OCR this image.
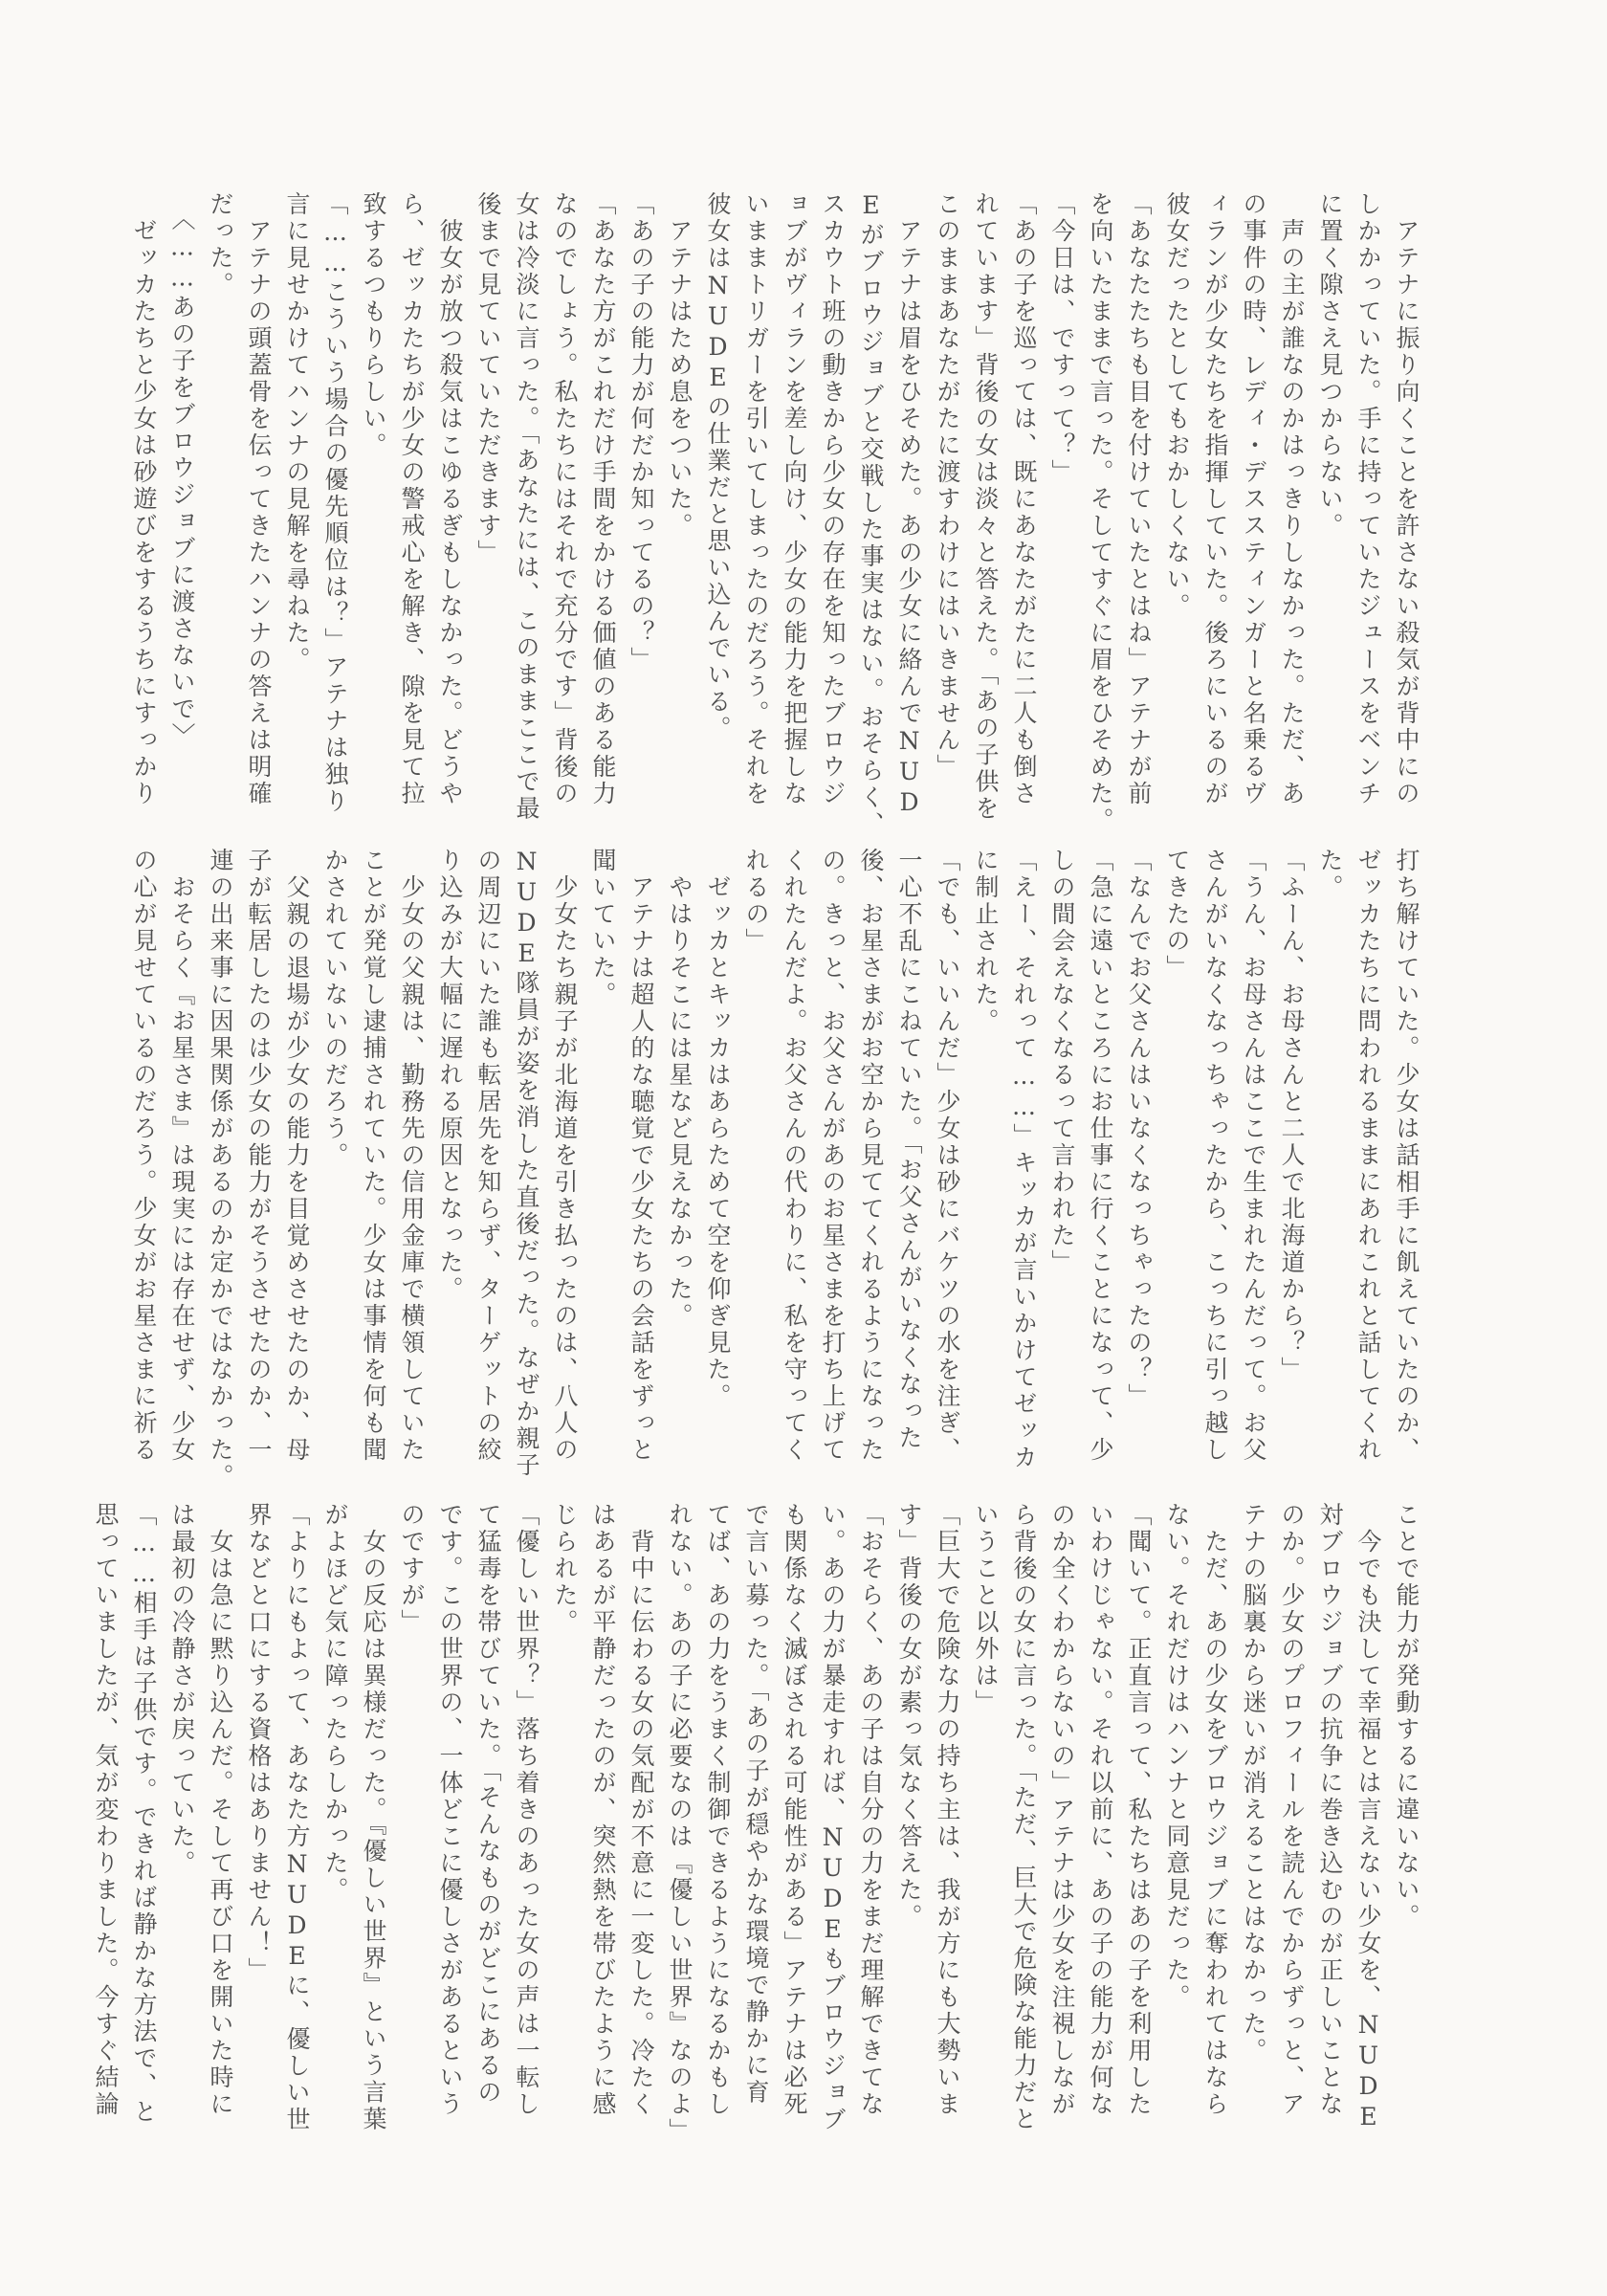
　アテナに振り向くことを許さない殺気が背中にの
しかかっていた。手に持っていたジュースをベンチ
に置く隙さえ見つからない。
　声の主が誰なのかはっきりしなかった。ただ、あ
の事件の時、レディ・デススティンガーと名乗るヴ
ィランが少女たちを指揮していた。後ろにいるのが
彼女だったとしてもおかしくない。
「あなたたちも目を付けていたとはね」アテナが前
を向いたままで言った。そしてすぐに眉をひそめた。
「今日は、ですって？」
「あの子を巡っては、既にあなたがたに二人も倒さ
れています」背後の女は淡々と答えた。「あの子供を
このままあなたがたに渡すわけにはいきません」
　アテナは眉をひそめた。あの少女に絡んでNUD
Eがブロウジョブと交戦した事実はない。おそらく、
スカウト班の動きから少女の存在を知ったブロウジ
ョブがヴィランを差し向け、少女の能力を把握しな
いままトリガーを引いてしまったのだろう。それを
彼女はNUDEの仕業だと思い込んでいる。
　アテナはため息をついた。
「あの子の能力が何だか知ってるの？」
「あなた方がこれだけ手間をかける価値のある能力
なのでしょう。私たちにはそれで充分です」背後の
女は冷淡に言った。「あなたには、このままここで最
後まで見ていていただきます」
　彼女が放つ殺気はこゆるぎもしなかった。どうや
ら、ゼッカたちが少女の警戒心を解き、隙を見て拉
致するつもりらしい。
「……こういう場合の優先順位は？」アテナは独り
言に見せかけてハンナの見解を尋ねた。
　アテナの頭蓋骨を伝ってきたハンナの答えは明確
だった。
　〈……あの子をブロウジョブに渡さないで〉
　ゼッカたちと少女は砂遊びをするうちにすっかり
打ち解けていた。少女は話相手に飢えていたのか、
ゼッカたちに問われるままにあれこれと話してくれ
た。
「ふーん、お母さんと二人で北海道から？」
「うん、お母さんはここで生まれたんだって。お父
さんがいなくなっちゃったから、こっちに引っ越し
てきたの」
「なんでお父さんはいなくなっちゃったの？」
「急に遠いところにお仕事に行くことになって、少
しの間会えなくなるって言われた」
「えー、それって……」キッカが言いかけてゼッカ
に制止された。
「でも、いいんだ」少女は砂にバケツの水を注ぎ、
一心不乱にこねていた。「お父さんがいなくなった
後、お星さまがお空から見ててくれるようになった
の。きっと、お父さんがあのお星さまを打ち上げて
くれたんだよ。お父さんの代わりに、私を守ってく
れるの」
　ゼッカとキッカはあらためて空を仰ぎ見た。
　やはりそこには星など見えなかった。
　アテナは超人的な聴覚で少女たちの会話をずっと
聞いていた。
　少女たち親子が北海道を引き払ったのは、八人の
NUDE隊員が姿を消した直後だった。なぜか親子
の周辺にいた誰も転居先を知らず、ターゲットの絞
り込みが大幅に遅れる原因となった。
　少女の父親は、勤務先の信用金庫で横領していた
ことが発覚し逮捕されていた。少女は事情を何も聞
かされていないのだろう。
　父親の退場が少女の能力を目覚めさせたのか、母
子が転居したのは少女の能力がそうさせたのか、一
連の出来事に因果関係があるのか定かではなかった。
　おそらく『お星さま』は現実には存在せず、少女
の心が見せているのだろう。少女がお星さまに祈る
ことで能力が発動するに違いない。
　今でも決して幸福とは言えない少女を、NUDE
対ブロウジョブの抗争に巻き込むのが正しいことな
のか。少女のプロフィールを読んでからずっと、ア
テナの脳裏から迷いが消えることはなかった。
　ただ、あの少女をブロウジョブに奪われてはなら
ない。それだけはハンナと同意見だった。
「聞いて。正直言って、私たちはあの子を利用した
いわけじゃない。それ以前に、あの子の能力が何な
のか全くわからないの」アテナは少女を注視しなが
ら背後の女に言った。「ただ、巨大で危険な能力だと
いうこと以外は」
「巨大で危険な力の持ち主は、我が方にも大勢いま
す」背後の女が素っ気なく答えた。
「おそらく、あの子は自分の力をまだ理解できてな
い。あの力が暴走すれば、NUDEもブロウジョブ
も関係なく滅ぼされる可能性がある」アテナは必死
で言い募った。「あの子が穏やかな環境で静かに育
てば、あの力をうまく制御できるようになるかもし
れない。あの子に必要なのは『優しい世界』なのよ」
　背中に伝わる女の気配が不意に一変した。冷たく
はあるが平静だったのが、突然熱を帯びたように感
じられた。
「優しい世界？」落ち着きのあった女の声は一転し
て猛毒を帯びていた。「そんなものがどこにあるの
です。この世界の、一体どこに優しさがあるという
のですが」
　女の反応は異様だった。『優しい世界』という言葉
がよほど気に障ったらしかった。
「よりにもよって、あなた方NUDEに、優しい世
界などと口にする資格はありません！」
　女は急に黙り込んだ。そして再び口を開いた時に
は最初の冷静さが戻っていた。
「……相手は子供です。できれば静かな方法で、と
思っていましたが、気が変わりました。今すぐ結論
